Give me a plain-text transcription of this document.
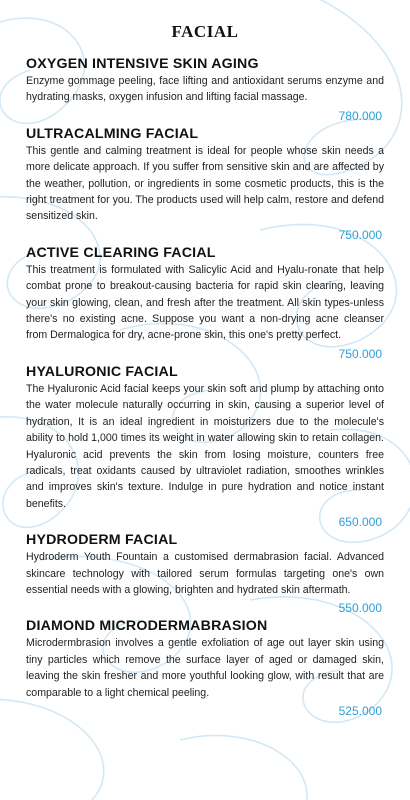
FACIAL
OXYGEN INTENSIVE SKIN AGING

Enzyme gommage peeling, face lifting and antioxidant serums enzyme and hydrating masks, oxygen infusion and lifting facial massage.

780.000
ULTRACALMING FACIAL

This gentle and calming treatment is ideal for people whose skin needs a more delicate approach. If you suffer from sensitive skin and are affected by the weather, pollution, or ingredients in some cosmetic products, this is the right treatment for you. The products used will help calm, restore and defend sensitized skin.

750.000
ACTIVE CLEARING FACIAL

This treatment is formulated with Salicylic Acid and Hyalu-ronate that help combat prone to breakout-causing bacteria for rapid skin clearing, leaving your skin glowing, clean, and fresh after the treatment. All skin types-unless there's no existing acne. Suppose you want a non-drying acne cleanser from Dermalogica for dry, acne-prone skin, this one's pretty perfect.

750.000
HYALURONIC FACIAL

The Hyaluronic Acid facial keeps your skin soft and plump by attaching onto the water molecule naturally occurring in skin, causing a superior level of hydration, It is an ideal ingredient in moisturizers due to the molecule's ability to hold 1,000 times its weight in water allowing skin to retain collagen. Hyaluronic acid prevents the skin from losing moisture, counters free radicals, treat oxidants caused by ultraviolet radiation, smoothes wrinkles and improves skin's texture. Indulge in pure hydration and notice instant benefits.

650.000
HYDRODERM FACIAL

Hydroderm Youth Fountain a customised dermabrasion facial. Advanced skincare technology with tailored serum formulas targeting one's own essential needs with a glowing, brighten and hydrated skin aftermath.

550.000
DIAMOND MICRODERMABRASION

Microdermbrasion involves a gentle exfoliation of age out layer skin using tiny particles which remove the surface layer of aged or damaged skin, leaving the skin fresher and more youthful looking glow, with result that are comparable to a light chemical peeling.

525.000
